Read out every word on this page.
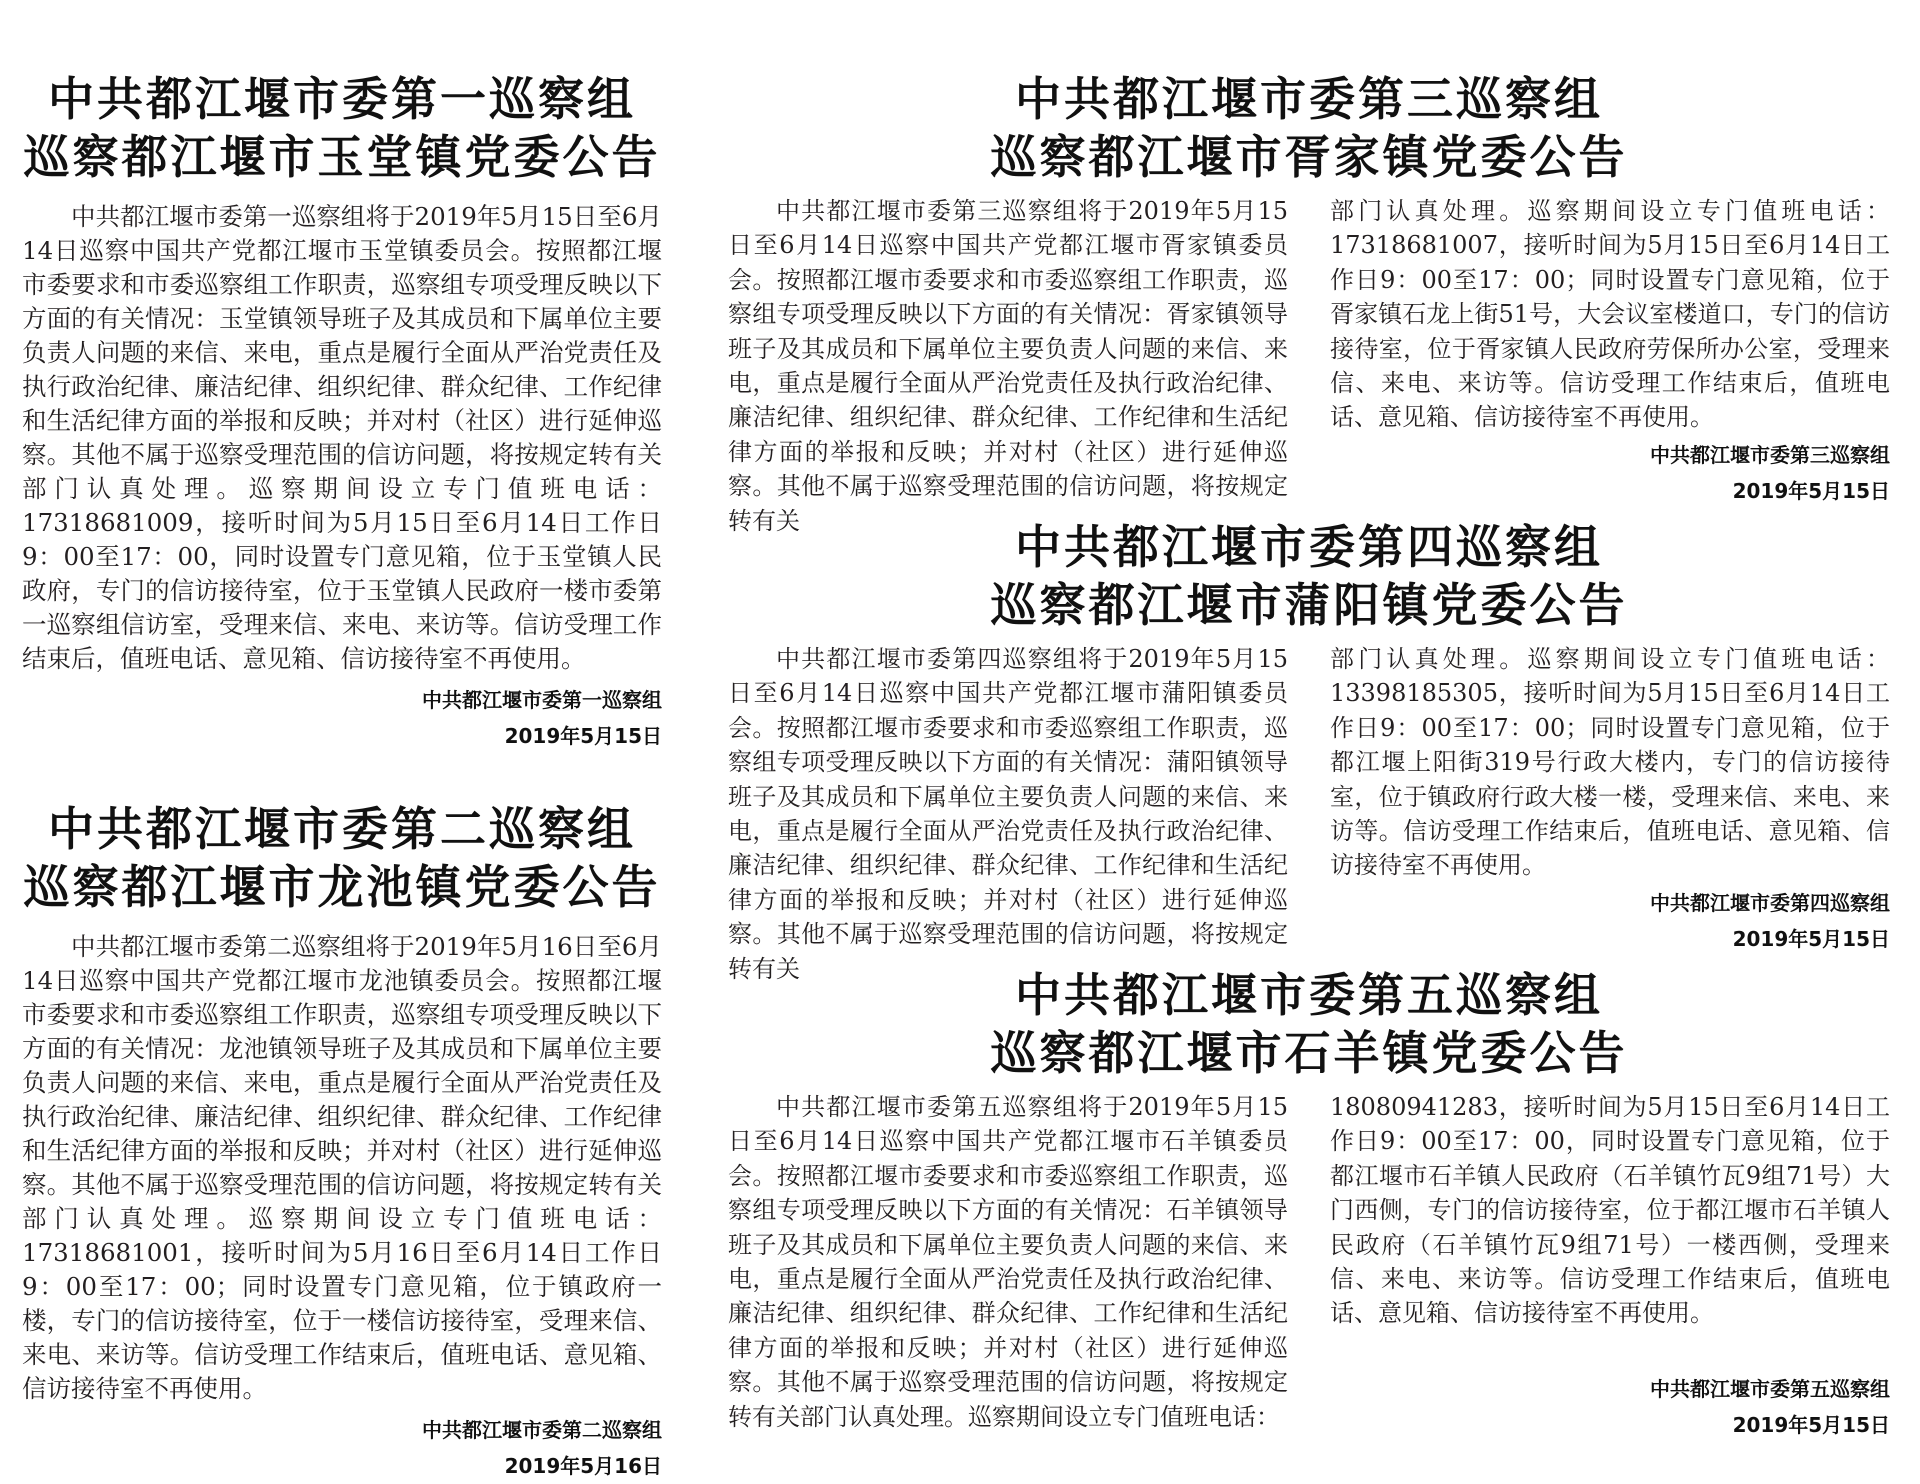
中共都江堰市委第一巡察组
巡察都江堰市玉堂镇党委公告

中共都江堰市委第一巡察组将于2019年5月15日至6月14日巡察中国共产党都江堰市玉堂镇委员会。按照都江堰市委要求和市委巡察组工作职责，巡察组专项受理反映以下方面的有关情况：玉堂镇领导班子及其成员和下属单位主要负责人问题的来信、来电，重点是履行全面从严治党责任及执行政治纪律、廉洁纪律、组织纪律、群众纪律、工作纪律和生活纪律方面的举报和反映；并对村（社区）进行延伸巡察。其他不属于巡察受理范围的信访问题，将按规定转有关部门认真处理。巡察期间设立专门值班电话：17318681009，接听时间为5月15日至6月14日工作日9：00至17：00，同时设置专门意见箱，位于玉堂镇人民政府，专门的信访接待室，位于玉堂镇人民政府一楼市委第一巡察组信访室，受理来信、来电、来访等。信访受理工作结束后，值班电话、意见箱、信访接待室不再使用。

中共都江堰市委第一巡察组
2019年5月15日
中共都江堰市委第二巡察组
巡察都江堰市龙池镇党委公告

中共都江堰市委第二巡察组将于2019年5月16日至6月14日巡察中国共产党都江堰市龙池镇委员会。按照都江堰市委要求和市委巡察组工作职责，巡察组专项受理反映以下方面的有关情况：龙池镇领导班子及其成员和下属单位主要负责人问题的来信、来电，重点是履行全面从严治党责任及执行政治纪律、廉洁纪律、组织纪律、群众纪律、工作纪律和生活纪律方面的举报和反映；并对村（社区）进行延伸巡察。其他不属于巡察受理范围的信访问题，将按规定转有关部门认真处理。巡察期间设立专门值班电话：17318681001，接听时间为5月16日至6月14日工作日9：00至17：00；同时设置专门意见箱，位于镇政府一楼，专门的信访接待室，位于一楼信访接待室，受理来信、来电、来访等。信访受理工作结束后，值班电话、意见箱、信访接待室不再使用。

中共都江堰市委第二巡察组
2019年5月16日
中共都江堰市委第三巡察组
巡察都江堰市胥家镇党委公告

中共都江堰市委第三巡察组将于2019年5月15日至6月14日巡察中国共产党都江堰市胥家镇委员会。按照都江堰市委要求和市委巡察组工作职责，巡察组专项受理反映以下方面的有关情况：胥家镇领导班子及其成员和下属单位主要负责人问题的来信、来电，重点是履行全面从严治党责任及执行政治纪律、廉洁纪律、组织纪律、群众纪律、工作纪律和生活纪律方面的举报和反映；并对村（社区）进行延伸巡察。其他不属于巡察受理范围的信访问题，将按规定转有关

部门认真处理。巡察期间设立专门值班电话：17318681007，接听时间为5月15日至6月14日工作日9：00至17：00；同时设置专门意见箱，位于胥家镇石龙上街51号，大会议室楼道口，专门的信访接待室，位于胥家镇人民政府劳保所办公室，受理来信、来电、来访等。信访受理工作结束后，值班电话、意见箱、信访接待室不再使用。

中共都江堰市委第三巡察组
2019年5月15日
中共都江堰市委第四巡察组
巡察都江堰市蒲阳镇党委公告

中共都江堰市委第四巡察组将于2019年5月15日至6月14日巡察中国共产党都江堰市蒲阳镇委员会。按照都江堰市委要求和市委巡察组工作职责，巡察组专项受理反映以下方面的有关情况：蒲阳镇领导班子及其成员和下属单位主要负责人问题的来信、来电，重点是履行全面从严治党责任及执行政治纪律、廉洁纪律、组织纪律、群众纪律、工作纪律和生活纪律方面的举报和反映；并对村（社区）进行延伸巡察。其他不属于巡察受理范围的信访问题，将按规定转有关

部门认真处理。巡察期间设立专门值班电话：13398185305，接听时间为5月15日至6月14日工作日9：00至17：00；同时设置专门意见箱，位于都江堰上阳街319号行政大楼内，专门的信访接待室，位于镇政府行政大楼一楼，受理来信、来电、来访等。信访受理工作结束后，值班电话、意见箱、信访接待室不再使用。

中共都江堰市委第四巡察组
2019年5月15日
中共都江堰市委第五巡察组
巡察都江堰市石羊镇党委公告

中共都江堰市委第五巡察组将于2019年5月15日至6月14日巡察中国共产党都江堰市石羊镇委员会。按照都江堰市委要求和市委巡察组工作职责，巡察组专项受理反映以下方面的有关情况：石羊镇领导班子及其成员和下属单位主要负责人问题的来信、来电，重点是履行全面从严治党责任及执行政治纪律、廉洁纪律、组织纪律、群众纪律、工作纪律和生活纪律方面的举报和反映；并对村（社区）进行延伸巡察。其他不属于巡察受理范围的信访问题，将按规定转有关部门认真处理。巡察期间设立专门值班电话：

18080941283，接听时间为5月15日至6月14日工作日9：00至17：00，同时设置专门意见箱，位于都江堰市石羊镇人民政府（石羊镇竹瓦9组71号）大门西侧，专门的信访接待室，位于都江堰市石羊镇人民政府（石羊镇竹瓦9组71号）一楼西侧，受理来信、来电、来访等。信访受理工作结束后，值班电话、意见箱、信访接待室不再使用。

中共都江堰市委第五巡察组
2019年5月15日
